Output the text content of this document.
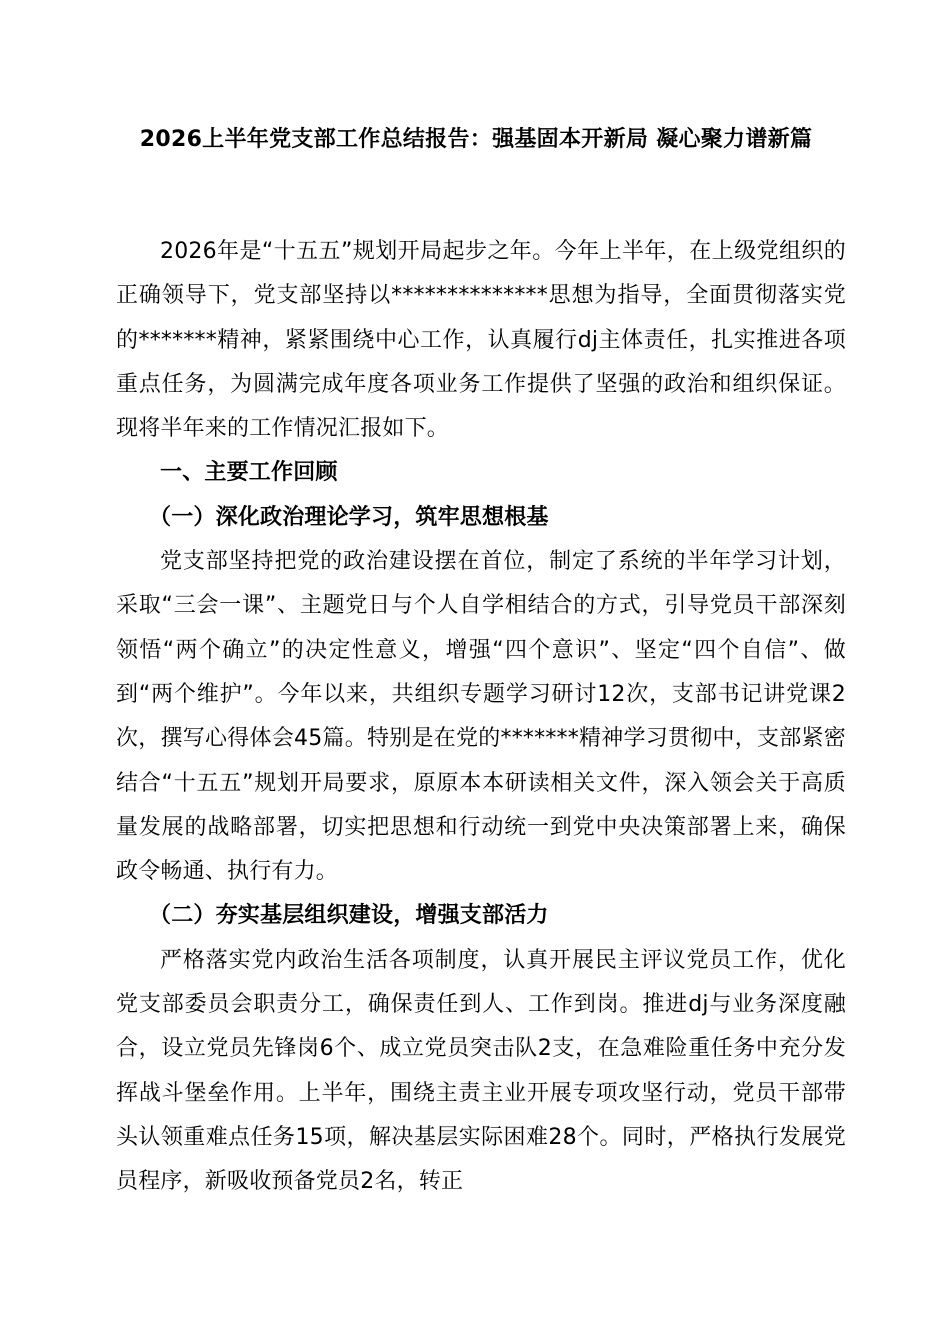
2026上半年党支部工作总结报告：强基固本开新局 凝心聚力谱新篇

2026年是“十五五”规划开局起步之年。今年上半年，在上级党组织的正确领导下，党支部坚持以**************思想为指导，全面贯彻落实党的*******精神，紧紧围绕中心工作，认真履行dj主体责任，扎实推进各项重点任务，为圆满完成年度各项业务工作提供了坚强的政治和组织保证。现将半年来的工作情况汇报如下。

一、主要工作回顾

（一）深化政治理论学习，筑牢思想根基

党支部坚持把党的政治建设摆在首位，制定了系统的半年学习计划，采取“三会一课”、主题党日与个人自学相结合的方式，引导党员干部深刻领悟“两个确立”的决定性意义，增强“四个意识”、坚定“四个自信”、做到“两个维护”。今年以来，共组织专题学习研讨12次，支部书记讲党课2次，撰写心得体会45篇。特别是在党的*******精神学习贯彻中，支部紧密结合“十五五”规划开局要求，原原本本研读相关文件，深入领会关于高质量发展的战略部署，切实把思想和行动统一到党中央决策部署上来，确保政令畅通、执行有力。

（二）夯实基层组织建设，增强支部活力

严格落实党内政治生活各项制度，认真开展民主评议党员工作，优化党支部委员会职责分工，确保责任到人、工作到岗。推进dj与业务深度融合，设立党员先锋岗6个、成立党员突击队2支，在急难险重任务中充分发挥战斗堡垒作用。上半年，围绕主责主业开展专项攻坚行动，党员干部带头认领重难点任务15项，解决基层实际困难28个。同时，严格执行发展党员程序，新吸收预备党员2名，转正
